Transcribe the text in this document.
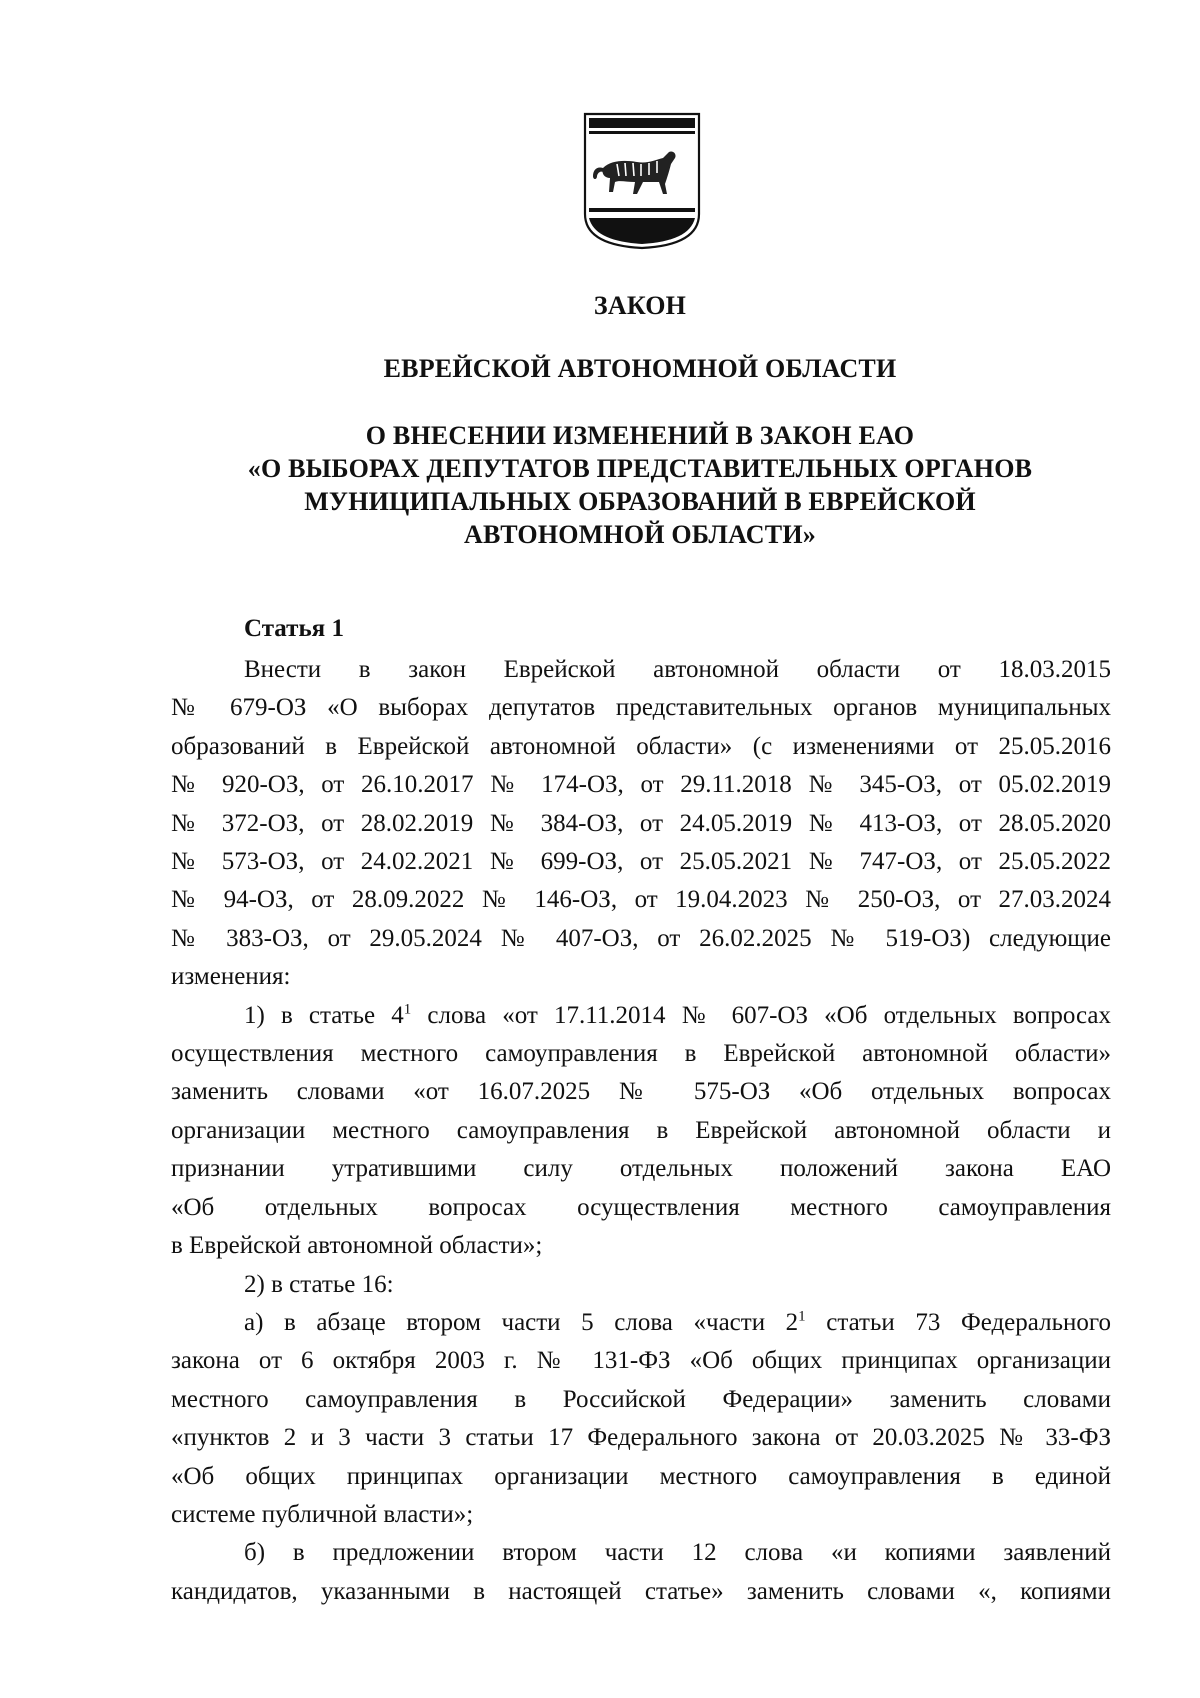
ЗАКОН
ЕВРЕЙСКОЙ АВТОНОМНОЙ ОБЛАСТИ
О ВНЕСЕНИИ ИЗМЕНЕНИЙ В ЗАКОН ЕАО
«О ВЫБОРАХ ДЕПУТАТОВ ПРЕДСТАВИТЕЛЬНЫХ ОРГАНОВ
МУНИЦИПАЛЬНЫХ ОБРАЗОВАНИЙ В ЕВРЕЙСКОЙ
АВТОНОМНОЙ ОБЛАСТИ»
Статья 1
Внести в закон Еврейской автономной области от 18.03.2015
№ 679-ОЗ «О выборах депутатов представительных органов муниципальных
образований в Еврейской автономной области» (с изменениями от 25.05.2016
№ 920-ОЗ, от 26.10.2017 № 174-ОЗ, от 29.11.2018 № 345-ОЗ, от 05.02.2019
№ 372-ОЗ, от 28.02.2019 № 384-ОЗ, от 24.05.2019 № 413-ОЗ, от 28.05.2020
№ 573-ОЗ, от 24.02.2021 № 699-ОЗ, от 25.05.2021 № 747-ОЗ, от 25.05.2022
№ 94-ОЗ, от 28.09.2022 № 146-ОЗ, от 19.04.2023 № 250-ОЗ, от 27.03.2024
№ 383-ОЗ, от 29.05.2024 № 407-ОЗ, от 26.02.2025 № 519-ОЗ) следующие
изменения:
1) в статье $4^1$ слова «от 17.11.2014 № 607-ОЗ «Об отдельных вопросах
осуществления местного самоуправления в Еврейской автономной области»
заменить словами «от 16.07.2025 № 575-ОЗ «Об отдельных вопросах
организации местного самоуправления в Еврейской автономной области и
признании утратившими силу отдельных положений закона ЕАО
«Об отдельных вопросах осуществления местного самоуправления
в Еврейской автономной области»;
2) в статье 16:
а) в абзаце втором части 5 слова «части $2^1$ статьи 73 Федерального
закона от 6 октября 2003 г. № 131-ФЗ «Об общих принципах организации
местного самоуправления в Российской Федерации» заменить словами
«пунктов 2 и 3 части 3 статьи 17 Федерального закона от 20.03.2025 № 33-ФЗ
«Об общих принципах организации местного самоуправления в единой
системе публичной власти»;
б) в предложении втором части 12 слова «и копиями заявлений
кандидатов, указанными в настоящей статье» заменить словами «, копиями
